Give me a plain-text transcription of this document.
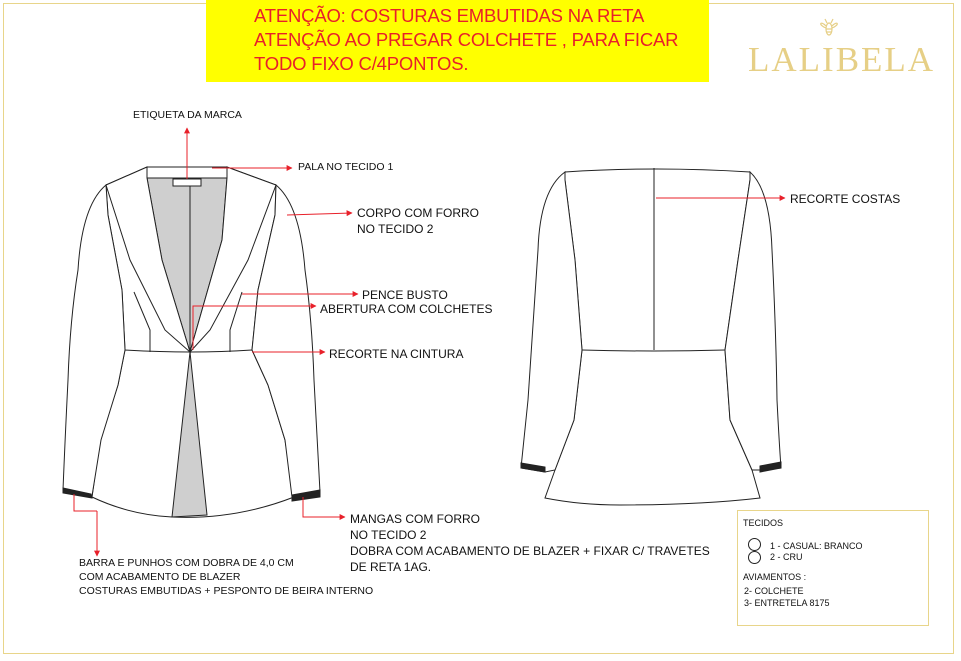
ATENÇÃO: COSTURAS EMBUTIDAS NA RETA
ATENÇÃO AO PREGAR COLCHETE , PARA FICAR
TODO FIXO C/4PONTOS.	LALIBELA
ETIQUETA DA MARCA
PALA NO TECIDO 1
CORPO COM FORRO
NO TECIDO 2
PENCE BUSTO
ABERTURA COM COLCHETES
RECORTE NA CINTURA
RECORTE COSTAS
MANGAS COM FORRO
NO TECIDO 2
DOBRA COM ACABAMENTO DE BLAZER + FIXAR C/ TRAVETES
DE RETA 1AG.
BARRA E PUNHOS COM DOBRA DE 4,0 CM
COM ACABAMENTO DE BLAZER
COSTURAS EMBUTIDAS + PESPONTO DE BEIRA INTERNO
TECIDOS
1 - CASUAL: BRANCO
2 - CRU
AVIAMENTOS :
2- COLCHETE
3- ENTRETELA 8175
